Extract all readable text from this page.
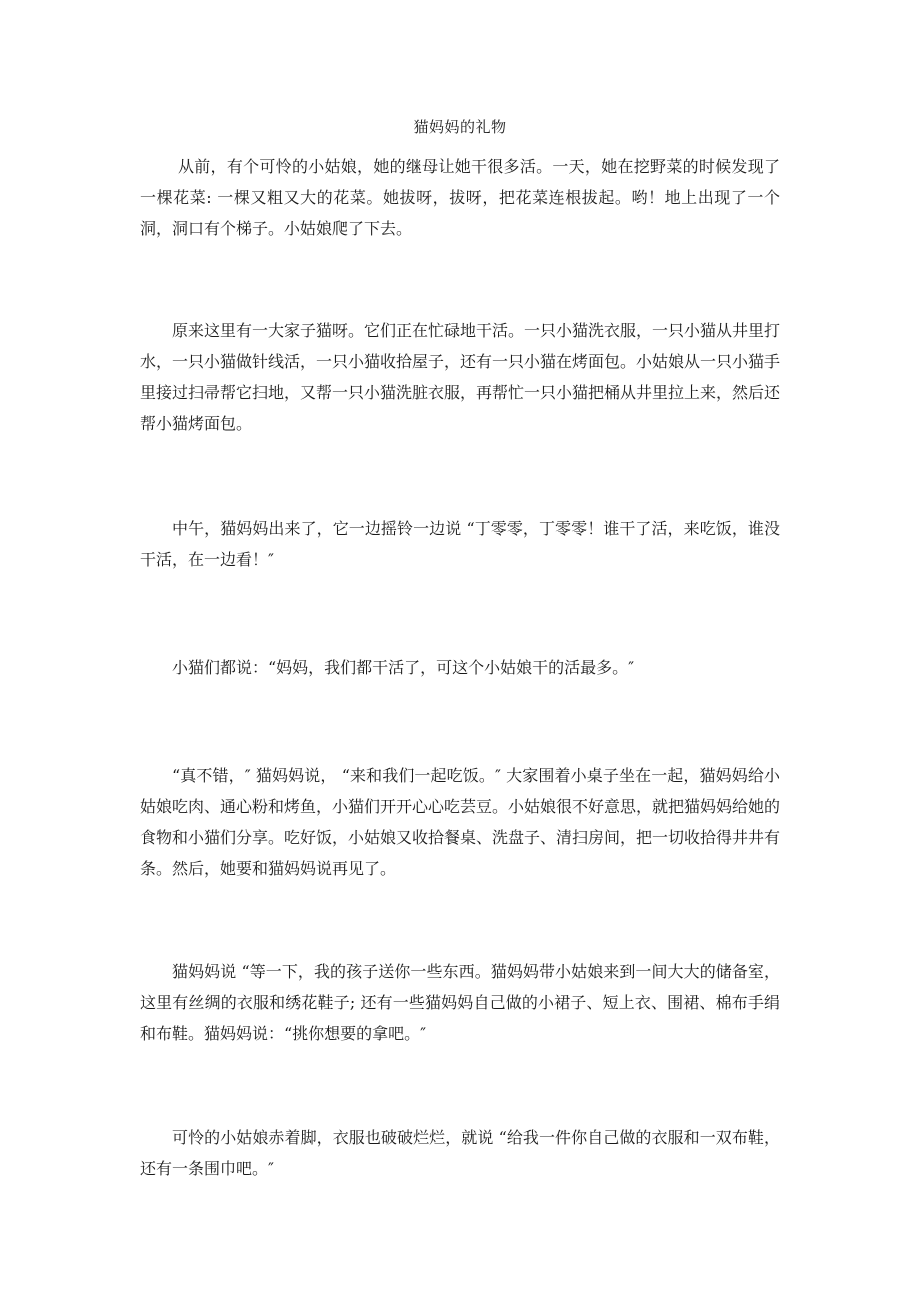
猫妈妈的礼物

从前，有个可怜的小姑娘，她的继母让她干很多活。一天，她在挖野菜的时候发现了一棵花菜: 一棵又粗又大的花菜。她拔呀，拔呀，把花菜连根拔起。哟！地上出现了一个洞，洞口有个梯子。小姑娘爬了下去。

原来这里有一大家子猫呀。它们正在忙碌地干活。一只小猫洗衣服，一只小猫从井里打水，一只小猫做针线活，一只小猫收拾屋子，还有一只小猫在烤面包。小姑娘从一只小猫手里接过扫帚帮它扫地，又帮一只小猫洗脏衣服，再帮忙一只小猫把桶从井里拉上来，然后还帮小猫烤面包。

中午，猫妈妈出来了，它一边摇铃一边说 “丁零零，丁零零！谁干了活，来吃饭，谁没干活，在一边看！″

小猫们都说：“妈妈，我们都干活了，可这个小姑娘干的活最多。″

“真不错，″ 猫妈妈说， “来和我们一起吃饭。″ 大家围着小桌子坐在一起，猫妈妈给小姑娘吃肉、通心粉和烤鱼，小猫们开开心心吃芸豆。小姑娘很不好意思，就把猫妈妈给她的食物和小猫们分享。吃好饭，小姑娘又收拾餐桌、洗盘子、清扫房间，把一切收拾得井井有条。然后，她要和猫妈妈说再见了。

猫妈妈说 “等一下，我的孩子送你一些东西。猫妈妈带小姑娘来到一间大大的储备室，这里有丝绸的衣服和绣花鞋子; 还有一些猫妈妈自己做的小裙子、短上衣、围裙、棉布手绢和布鞋。猫妈妈说：“挑你想要的拿吧。″

可怜的小姑娘赤着脚，衣服也破破烂烂，就说 “给我一件你自己做的衣服和一双布鞋，还有一条围巾吧。″
